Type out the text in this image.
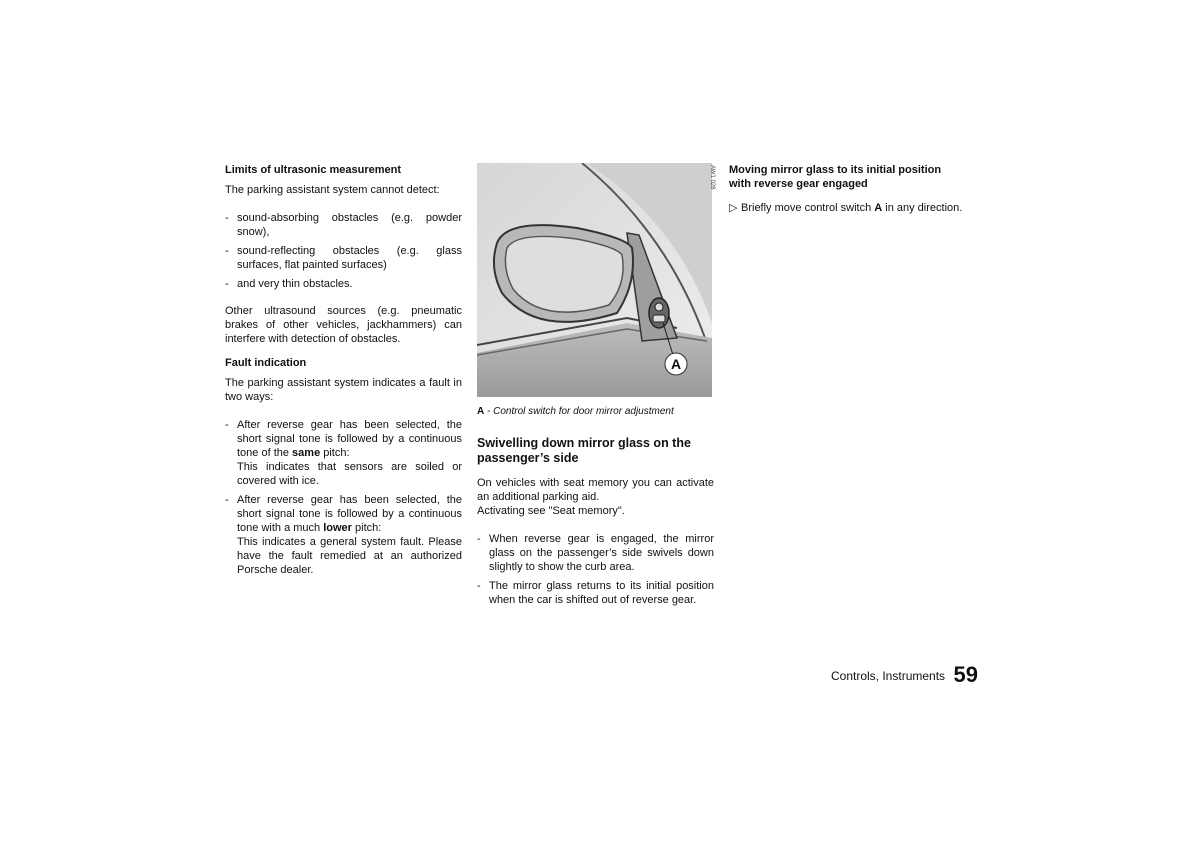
Limits of ultrasonic measurement

The parking assistant system cannot detect:

- sound-absorbing obstacles (e.g. powder snow),
- sound-reflecting obstacles (e.g. glass surfaces, flat painted surfaces)
- and very thin obstacles.

Other ultrasound sources (e.g. pneumatic brakes of other vehicles, jackhammers) can interfere with detection of obstacles.

Fault indication

The parking assistant system indicates a fault in two ways:

- After reverse gear has been selected, the short signal tone is followed by a continuous tone of the same pitch:
This indicates that sensors are soiled or covered with ice.
- After reverse gear has been selected, the short signal tone is followed by a continuous tone with a much lower pitch:
This indicates a general system fault. Please have the fault remedied at an authorized Porsche dealer.
A
A - Control switch for door mirror adjustment
Swivelling down mirror glass on the
passenger’s side

On vehicles with seat memory you can activate an additional parking aid.

Activating see "Seat memory".

- When reverse gear is engaged, the mirror glass on the passenger’s side swivels down slightly to show the curb area.
- The mirror glass returns to its initial position when the car is shifted out of reverse gear.
AW1 028 Moving mirror glass to its initial position
with reverse gear engaged

▷ Briefly move control switch A in any direction.

Controls, Instruments 59
